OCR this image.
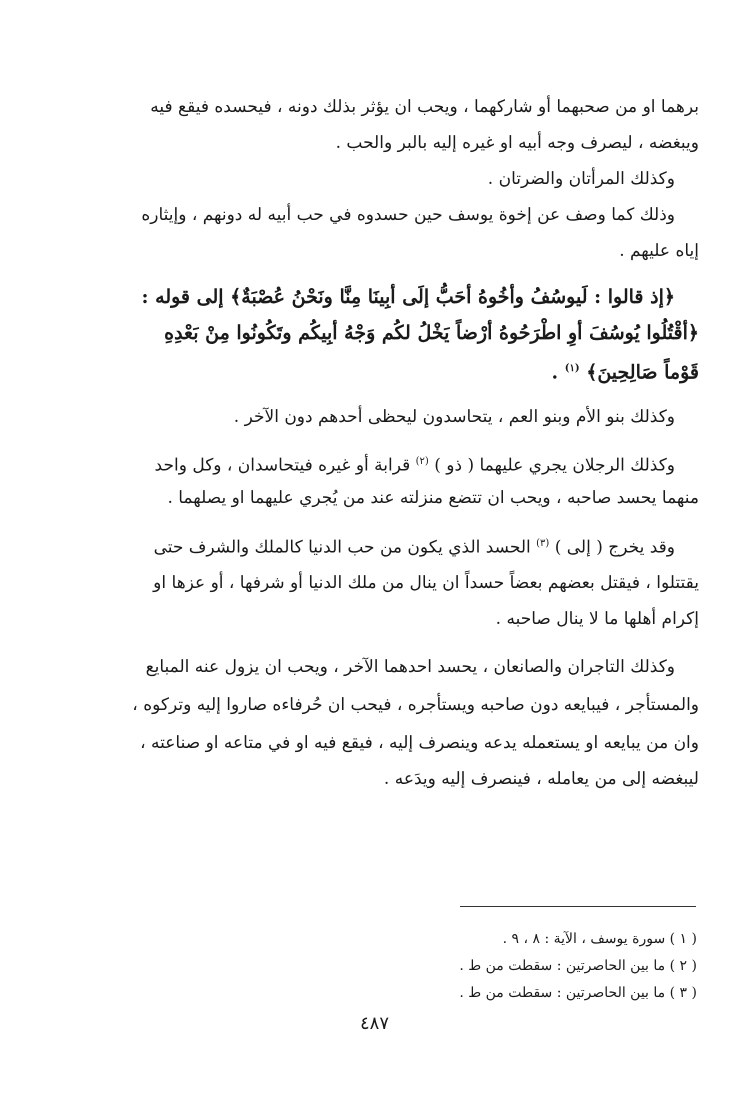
برهما او من صحبهما أو شاركهما ، ويحب ان يؤثر بذلك دونه ، فيحسده فيقع فيه
ويبغضه ، ليصرف وجه أبيه او غيره إليه بالبر والحب .
وكذلك المرأتان والضرتان .
وذلك كما وصف عن إخوة يوسف حين حسدوه في حب أبيه له دونهم ، وإيثاره
إياه عليهم .
﴿إذ قالوا : لَيوسُفُ وأخُوهُ أحَبُّ إلَى أبِينَا مِنَّا ونَحْنُ عُصْبَةٌ﴾ إلى قوله :
﴿أقْتُلُوا يُوسُفَ أوِ اطْرَحُوهُ أرْضاً يَخْلُ لكُم وَجْهُ أبِيكُم وتَكُونُوا مِنْ بَعْدِهِ
قَوْماً صَالِحِينَ﴾ $^{(١)}$ .
وكذلك بنو الأم وبنو العم ، يتحاسدون ليحظى أحدهم دون الآخر .
وكذلك الرجلان يجري عليهما ( ذو ) $^{(٢)}$ قرابة أو غيره فيتحاسدان ، وكل واحد
منهما يحسد صاحبه ، ويحب ان تتضع منزلته عند من يُجري عليهما او يصلهما .
وقد يخرج ( إلى ) $^{(٣)}$ الحسد الذي يكون من حب الدنيا كالملك والشرف حتى
يقتتلوا ، فيقتل بعضهم بعضاً حسداً ان ينال من ملك الدنيا أو شرفها ، أو عزها او
إكرام أهلها ما لا ينال صاحبه .
وكذلك التاجران والصانعان ، يحسد احدهما الآخر ، ويحب ان يزول عنه المبايع
والمستأجر ، فيبايعه دون صاحبه ويستأجره ، فيحب ان حُرفاءه صاروا إليه وتركوه ،
وان من يبايعه او يستعمله يدعه وينصرف إليه ، فيقع فيه او في متاعه او صناعته ،
ليبغضه إلى من يعامله ، فينصرف إليه ويدَعه .
( ١ ) سورة يوسف ، الآية : ٨ ، ٩ .
( ٢ ) ما بين الحاصرتين : سقطت من ط .
( ٣ ) ما بين الحاصرتين : سقطت من ط .
٤٨٧
